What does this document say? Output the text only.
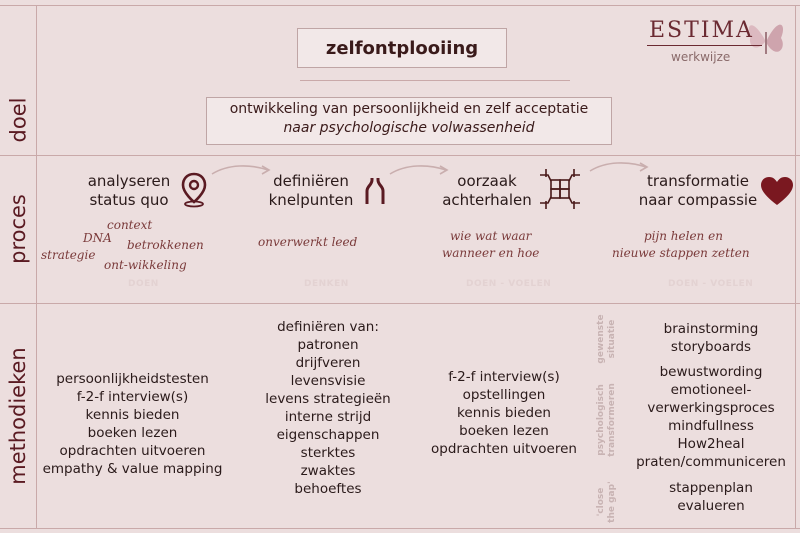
doel
proces
methodieken
zelfontplooiing
ESTIMA
werkwijze
ontwikkeling van persoonlijkheid en zelf acceptatie
naar psychologische volwassenheid
analyseren
status quo
definiëren
knelpunten
oorzaak
achterhalen
transformatie
naar compassie
context
DNA betrokkenen
strategie
ont-wikkeling
onverwerkt leed	wie wat waar
wanneer en hoe
pijn helen en
nieuwe stappen zetten
DOEN	DENKEN	DOEN - VOELEN	DOEN - VOELEN
persoonlijkheidstesten
f-2-f interview(s)
kennis bieden
boeken lezen
opdrachten uitvoeren
empathy & value mapping
definiëren van:
patronen
drijfveren
levensvisie
levens strategieën
interne strijd
eigenschappen
sterktes
zwaktes
behoeftes
f-2-f interview(s)
opstellingen
kennis bieden
boeken lezen
opdrachten uitvoeren
brainstorming
storyboards
bewustwording
emotioneel-
verwerkingsproces
mindfullness
How2heal
praten/communiceren
stappenplan
evalueren
gewenste situatie
psychologisch transformeren
'close the gap'
